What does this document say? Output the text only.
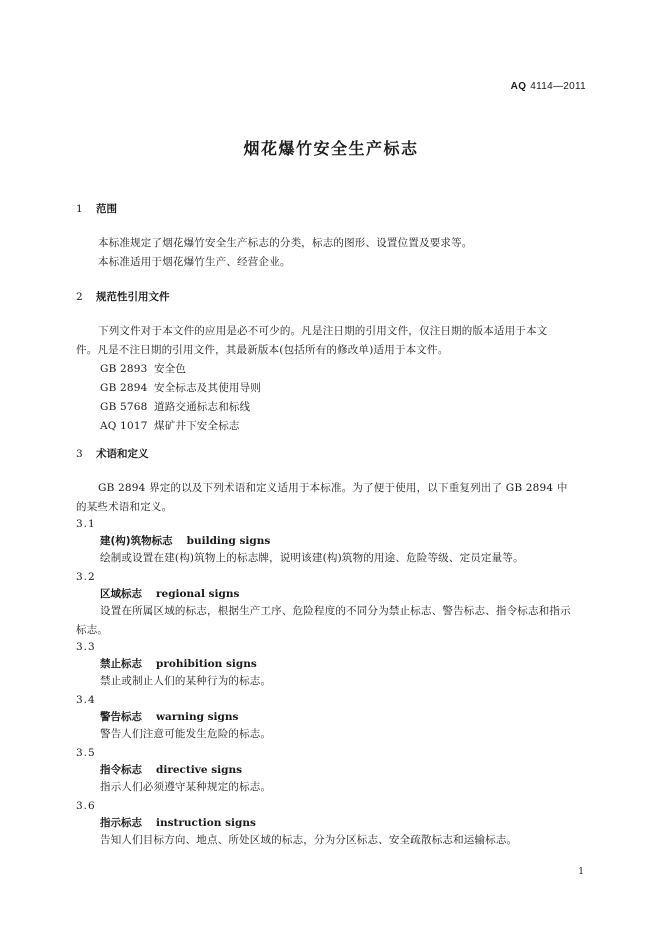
AQ 4114—2011
烟花爆竹安全生产标志
1 范围
本标准规定了烟花爆竹安全生产标志的分类，标志的图形、设置位置及要求等。
本标准适用于烟花爆竹生产、经营企业。
2 规范性引用文件
下列文件对于本文件的应用是必不可少的。凡是注日期的引用文件，仅注日期的版本适用于本文
件。凡是不注日期的引用文件，其最新版本(包括所有的修改单)适用于本文件。
GB 2893 安全色
GB 2894 安全标志及其使用导则
GB 5768 道路交通标志和标线
AQ 1017 煤矿井下安全标志
3 术语和定义
GB 2894 界定的以及下列术语和定义适用于本标准。为了便于使用，以下重复列出了 GB 2894 中
的某些术语和定义。
3.1
建(构)筑物标志 building signs
绘制或设置在建(构)筑物上的标志牌，说明该建(构)筑物的用途、危险等级、定员定量等。
3.2
区域标志 regional signs
设置在所属区域的标志，根据生产工序、危险程度的不同分为禁止标志、警告标志、指令标志和指示
标志。
3.3
禁止标志 prohibition signs
禁止或制止人们的某种行为的标志。
3.4
警告标志 warning signs
警告人们注意可能发生危险的标志。
3.5
指令标志 directive signs
指示人们必须遵守某种规定的标志。
3.6
指示标志 instruction signs
告知人们目标方向、地点、所处区域的标志，分为分区标志、安全疏散标志和运输标志。
1
